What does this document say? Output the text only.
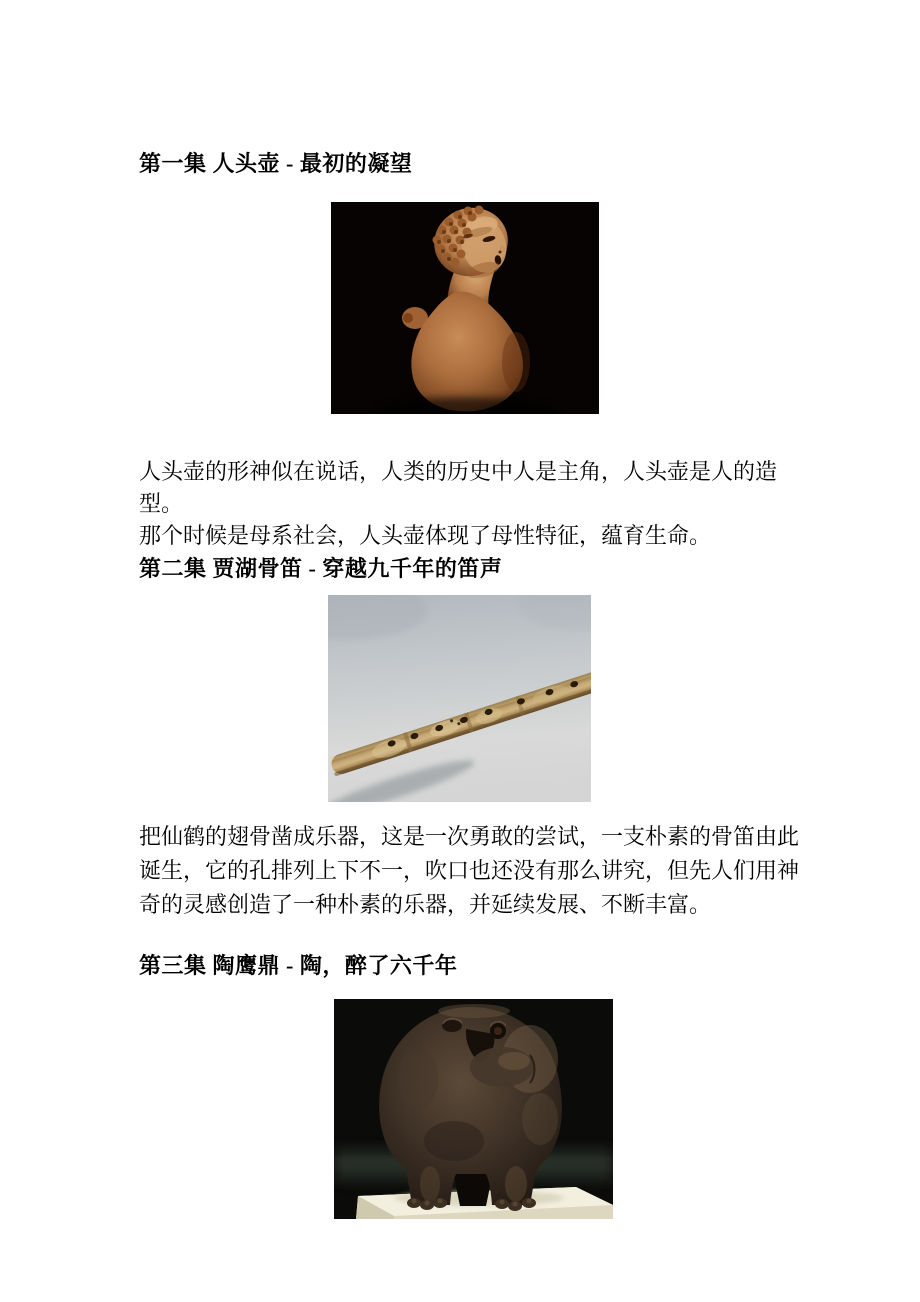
第一集 人头壶 - 最初的凝望

人头壶的形神似在说话，人类的历史中人是主角，人头壶是人的造型。
那个时候是母系社会，人头壶体现了母性特征，蕴育生命。

第二集 贾湖骨笛 - 穿越九千年的笛声

把仙鹤的翅骨凿成乐器，这是一次勇敢的尝试，一支朴素的骨笛由此
诞生，它的孔排列上下不一，吹口也还没有那么讲究，但先人们用神
奇的灵感创造了一种朴素的乐器，并延续发展、不断丰富。

第三集 陶鹰鼎 - 陶，醉了六千年
